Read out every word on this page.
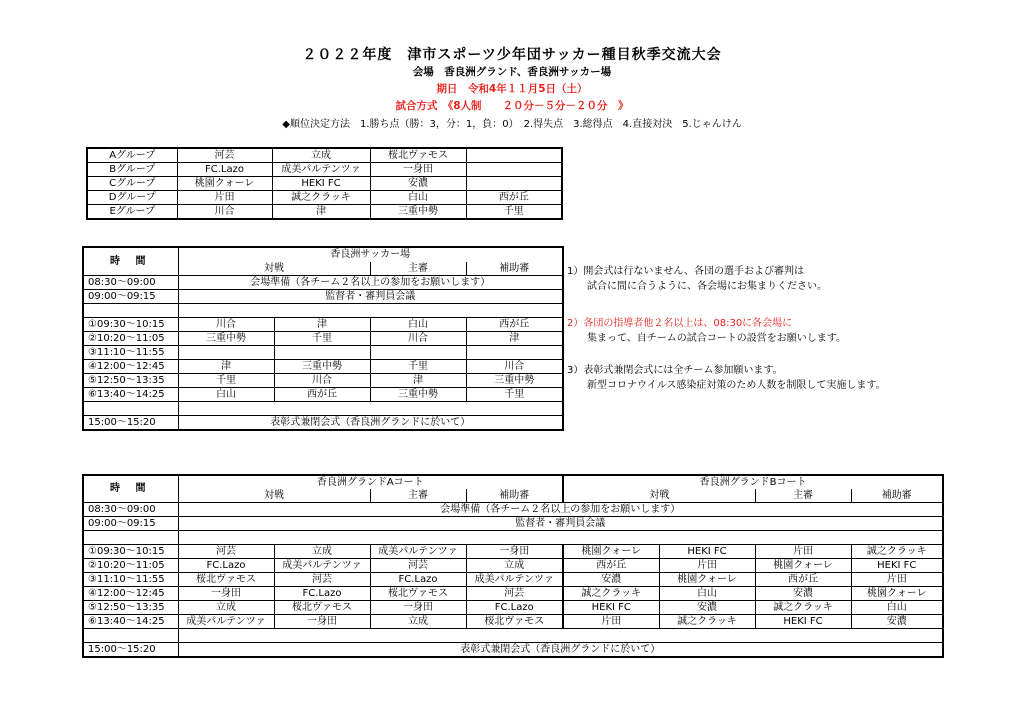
２０２２年度　津市スポーツ少年団サッカー種目秋季交流大会
会場　香良洲グランド、香良洲サッカー場
期日　令和4年１１月5日（土）
試合方式　《8人制　　２０分－５分－２０分　》
◆順位決定方法　1.勝ち点（勝：3，分：1，負：0）　2.得失点　3.総得点　4.直接対決　5.じゃんけん
Aグループ	河芸	立成	桜北ヴァモス	
Bグループ	FC.Lazo	成美パルテンツァ	一身田	
Cグループ	桃園クォーレ	HEKI FC	安濃	
Dグループ	片田	誠之クラッキ	白山	西が丘
Eグループ	川合	津	三重中勢	千里
時 間	香良洲サッカー場			
	対戦		主審	補助審
08:30～09:00	会場準備（各チーム２名以上の参加をお願いします）			
09:00～09:15	監督者・審判員会議			

①09:30～10:15	川合	津	白山	西が丘
②10:20～11:05	三重中勢	千里	川合	津
③11:10～11:55				
④12:00～12:45	津	三重中勢	千里	川合
⑤12:50～13:35	千里	川合	津	三重中勢
⑥13:40～14:25	白山	西が丘	三重中勢	千里

15:00～15:20	表彰式兼閉会式（香良洲グランドに於いて）			
1）開会式は行ないません、各団の選手および審判は
試合に間に合うように、各会場にお集まりください。
2）各団の指導者他２名以上は、08:30に各会場に
集まって、自チームの試合コートの設営をお願いします。
3）表彰式兼閉会式には全チーム参加願います。
新型コロナウイルス感染症対策のため人数を制限して実施します。
時 間	香良洲グランドAコート				香良洲グランドBコート			
	対戦		主審	補助審	対戦		主審	補助審
08:30～09:00	会場準備（各チーム２名以上の参加をお願いします）							
09:00～09:15	監督者・審判員会議							

①09:30～10:15	河芸	立成	成美パルテンツァ	一身田	桃園クォーレ	HEKI FC	片田	誠之クラッキ
②10:20～11:05	FC.Lazo	成美パルテンツァ	河芸	立成	西が丘	片田	桃園クォーレ	HEKI FC
③11:10～11:55	桜北ヴァモス	河芸	FC.Lazo	成美パルテンツァ	安濃	桃園クォーレ	西が丘	片田
④12:00～12:45	一身田	FC.Lazo	桜北ヴァモス	河芸	誠之クラッキ	白山	安濃	桃園クォーレ
⑤12:50～13:35	立成	桜北ヴァモス	一身田	FC.Lazo	HEKI FC	安濃	誠之クラッキ	白山
⑥13:40～14:25	成美パルテンツァ	一身田	立成	桜北ヴァモス	片田	誠之クラッキ	HEKI FC	安濃

15:00～15:20	表彰式兼閉会式（香良洲グランドに於いて）							
